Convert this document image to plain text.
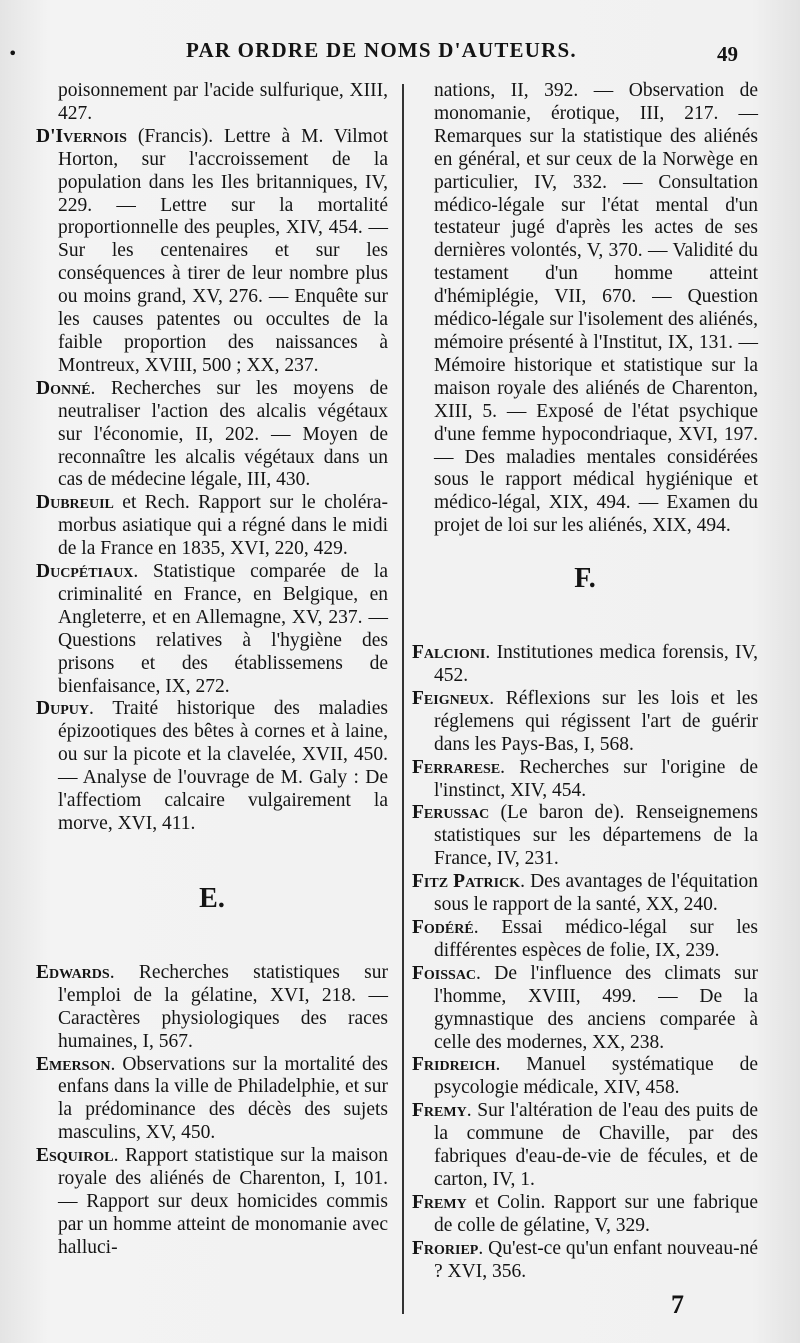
•	PAR ORDRE DE NOMS D'AUTEURS.	49

poisonnement par l'acide sulfurique, XIII, 427.

D'Ivernois (Francis). Lettre à M. Vilmot Horton, sur l'accroissement de la population dans les Iles britanniques, IV, 229. — Lettre sur la mortalité proportionnelle des peuples, XIV, 454. — Sur les centenaires et sur les conséquences à tirer de leur nombre plus ou moins grand, XV, 276. — Enquête sur les causes patentes ou occultes de la faible proportion des naissances à Montreux, XVIII, 500 ; XX, 237.

Donné. Recherches sur les moyens de neutraliser l'action des alcalis végétaux sur l'économie, II, 202. — Moyen de reconnaître les alcalis végétaux dans un cas de médecine légale, III, 430.

Dubreuil et Rech. Rapport sur le choléra-morbus asiatique qui a régné dans le midi de la France en 1835, XVI, 220, 429.

Ducpétiaux. Statistique comparée de la criminalité en France, en Belgique, en Angleterre, et en Allemagne, XV, 237. — Questions relatives à l'hygiène des prisons et des établissemens de bienfaisance, IX, 272.

Dupuy. Traité historique des maladies épizootiques des bêtes à cornes et à laine, ou sur la picote et la clavelée, XVII, 450. — Analyse de l'ouvrage de M. Galy : De l'affectiom calcaire vulgairement la morve, XVI, 411.

E.

Edwards. Recherches statistiques sur l'emploi de la gélatine, XVI, 218. — Caractères physiologiques des races humaines, I, 567.

Emerson. Observations sur la mortalité des enfans dans la ville de Philadelphie, et sur la prédominance des décès des sujets masculins, XV, 450.

Esquirol. Rapport statistique sur la maison royale des aliénés de Charenton, I, 101. — Rapport sur deux homicides commis par un homme atteint de monomanie avec halluci-

nations, II, 392. — Observation de monomanie, érotique, III, 217. — Remarques sur la statistique des aliénés en général, et sur ceux de la Norwège en particulier, IV, 332. — Consultation médico-légale sur l'état mental d'un testateur jugé d'après les actes de ses dernières volontés, V, 370. — Validité du testament d'un homme atteint d'hémiplégie, VII, 670. — Question médico-légale sur l'isolement des aliénés, mémoire présenté à l'Institut, IX, 131. — Mémoire historique et statistique sur la maison royale des aliénés de Charenton, XIII, 5. — Exposé de l'état psychique d'une femme hypocondriaque, XVI, 197. — Des maladies mentales considérées sous le rapport médical hygiénique et médico-légal, XIX, 494. — Examen du projet de loi sur les aliénés, XIX, 494.

F.

Falcioni. Institutiones medica forensis, IV, 452.

Feigneux. Réflexions sur les lois et les réglemens qui régissent l'art de guérir dans les Pays-Bas, I, 568.

Ferrarese. Recherches sur l'origine de l'instinct, XIV, 454.

Ferussac (Le baron de). Renseignemens statistiques sur les départemens de la France, IV, 231.

Fitz Patrick. Des avantages de l'équitation sous le rapport de la santé, XX, 240.

Fodéré. Essai médico-légal sur les différentes espèces de folie, IX, 239.

Foissac. De l'influence des climats sur l'homme, XVIII, 499. — De la gymnastique des anciens comparée à celle des modernes, XX, 238.

Fridreich. Manuel systématique de psycologie médicale, XIV, 458.

Fremy. Sur l'altération de l'eau des puits de la commune de Chaville, par des fabriques d'eau-de-vie de fécules, et de carton, IV, 1.

Fremy et Colin. Rapport sur une fabrique de colle de gélatine, V, 329.

Froriep. Qu'est-ce qu'un enfant nouveau-né ? XVI, 356.

7
